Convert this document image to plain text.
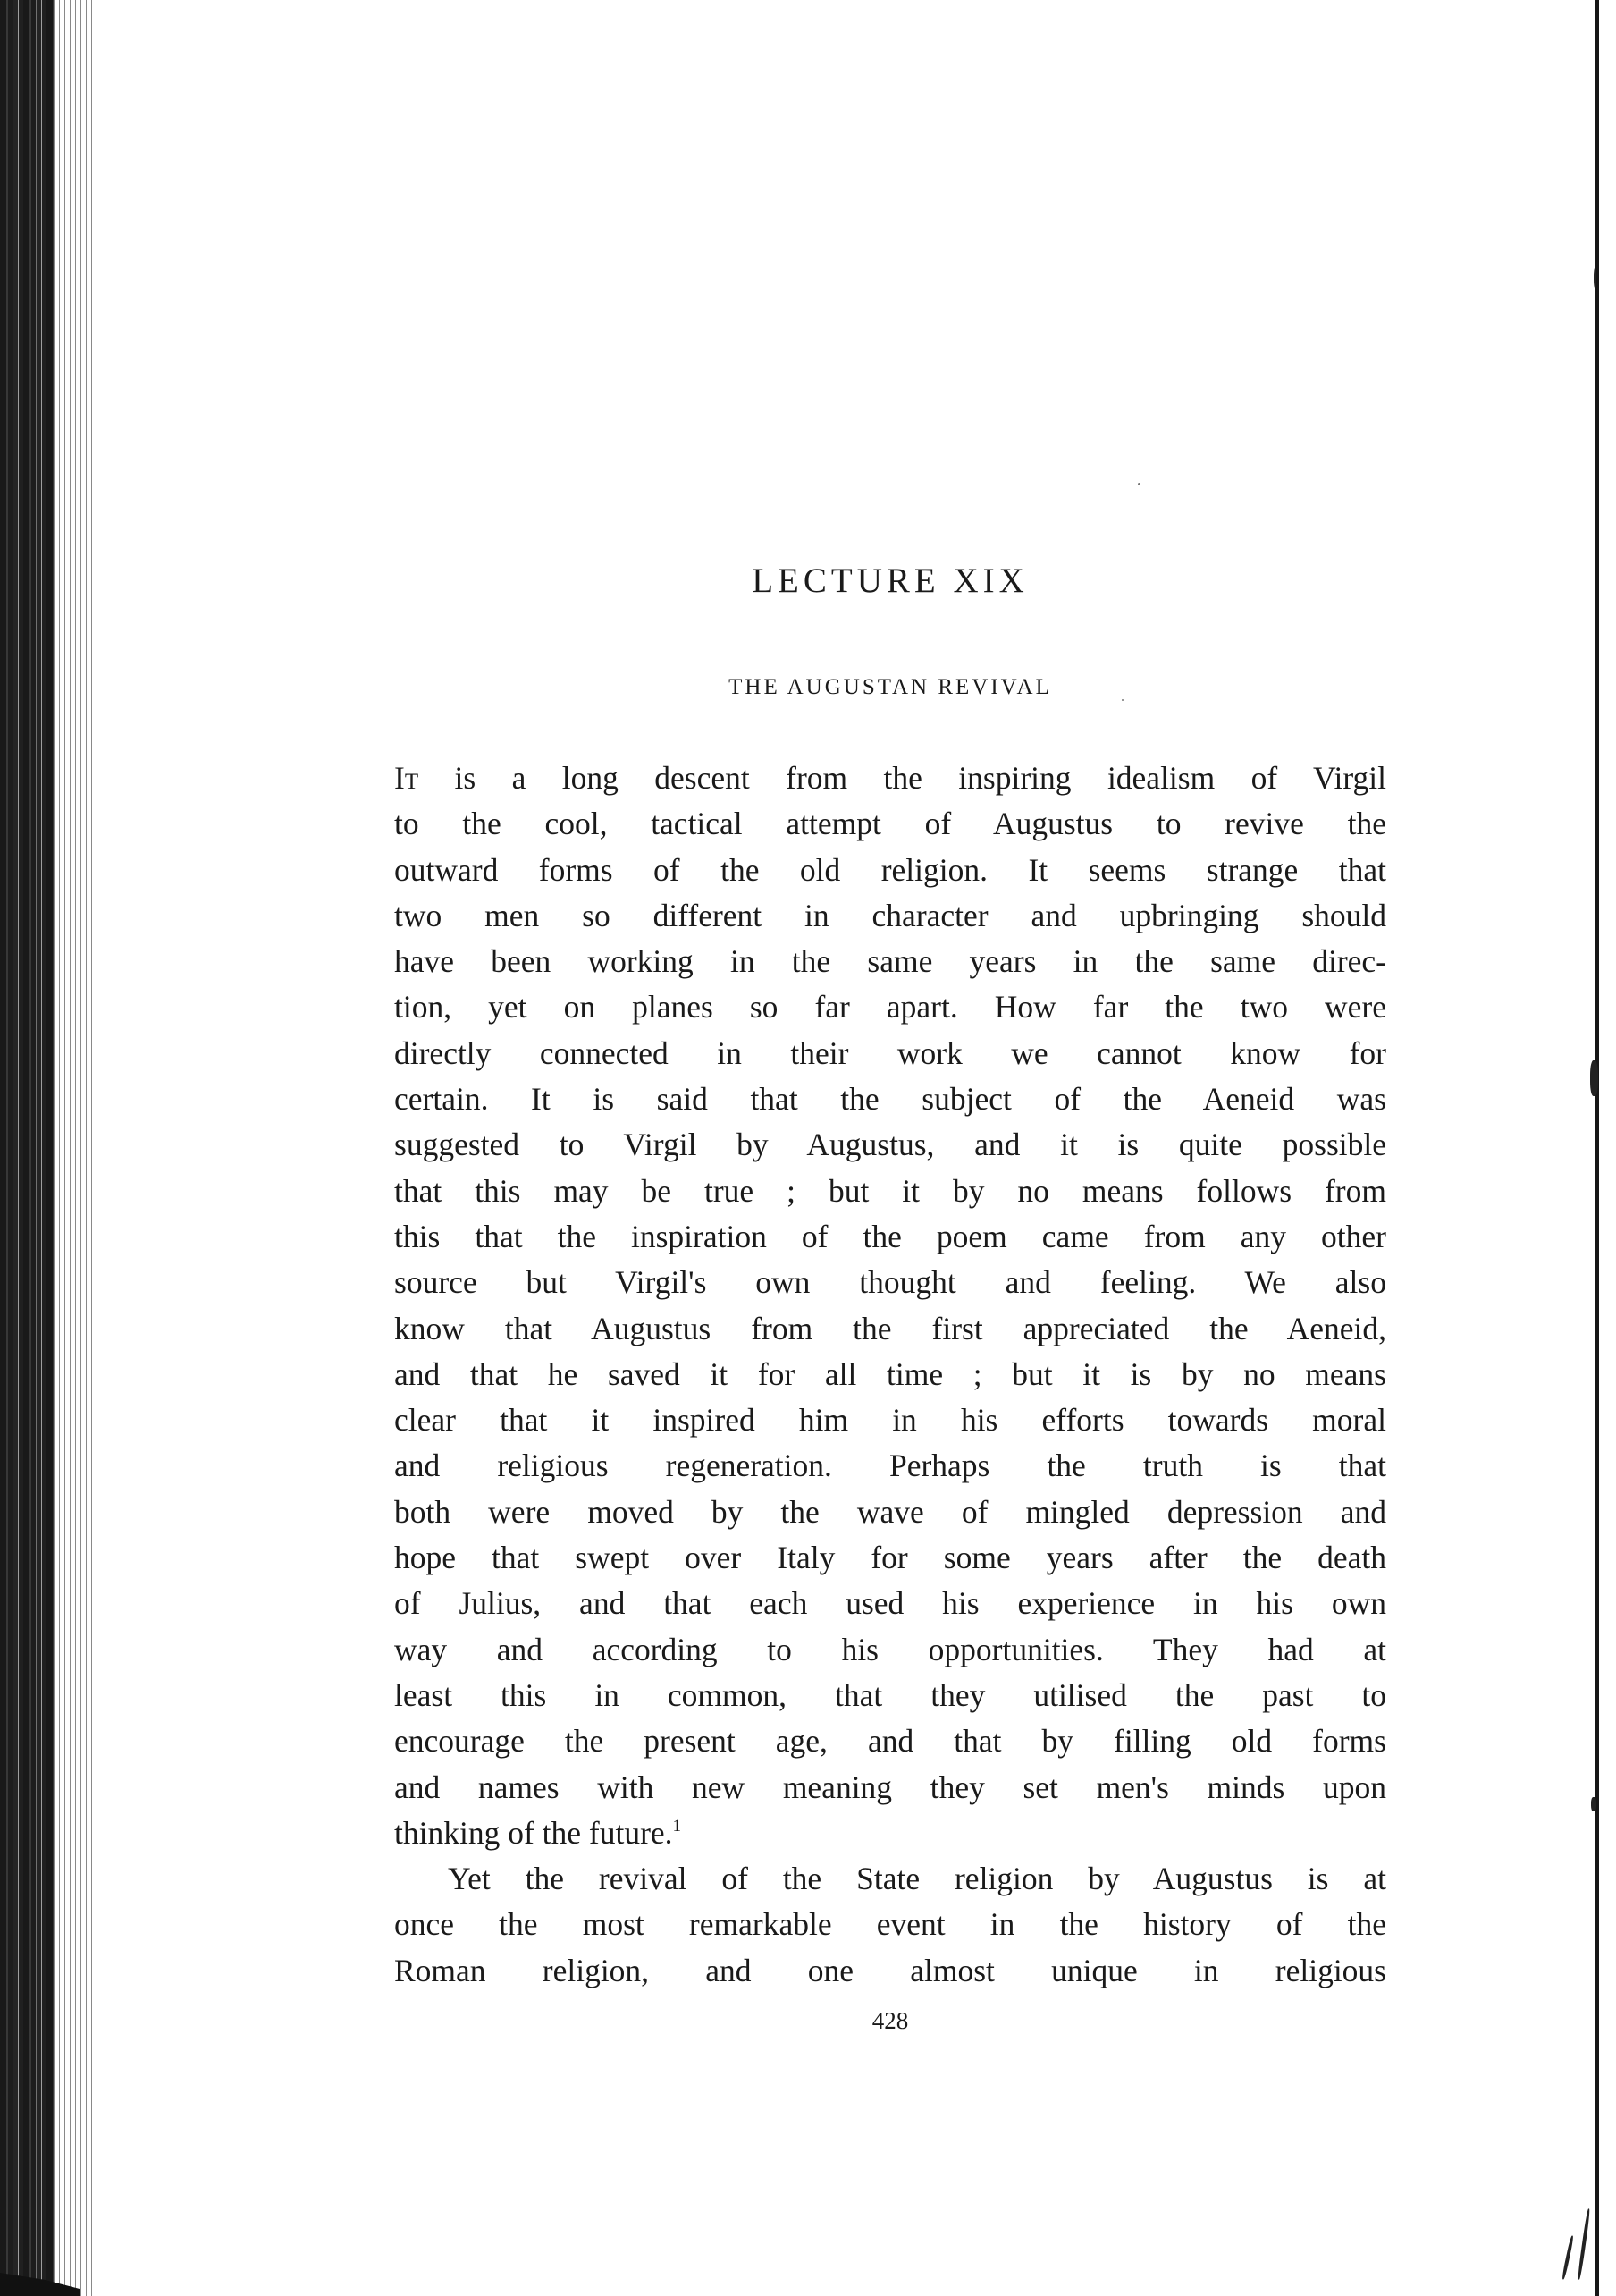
LECTURE XIX
THE AUGUSTAN REVIVAL
It is a long descent from the inspiring idealism of Virgil
to the cool, tactical attempt of Augustus to revive the
outward forms of the old religion. It seems strange that
two men so different in character and upbringing should
have been working in the same years in the same direc-
tion, yet on planes so far apart. How far the two were
directly connected in their work we cannot know for
certain. It is said that the subject of the Aeneid was
suggested to Virgil by Augustus, and it is quite possible
that this may be true ; but it by no means follows from
this that the inspiration of the poem came from any other
source but Virgil's own thought and feeling. We also
know that Augustus from the first appreciated the Aeneid,
and that he saved it for all time ; but it is by no means
clear that it inspired him in his efforts towards moral
and religious regeneration. Perhaps the truth is that
both were moved by the wave of mingled depression and
hope that swept over Italy for some years after the death
of Julius, and that each used his experience in his own
way and according to his opportunities. They had at
least this in common, that they utilised the past to
encourage the present age, and that by filling old forms
and names with new meaning they set men's minds upon
thinking of the future.$^1$
Yet the revival of the State religion by Augustus is at
once the most remarkable event in the history of the
Roman religion, and one almost unique in religious
428
